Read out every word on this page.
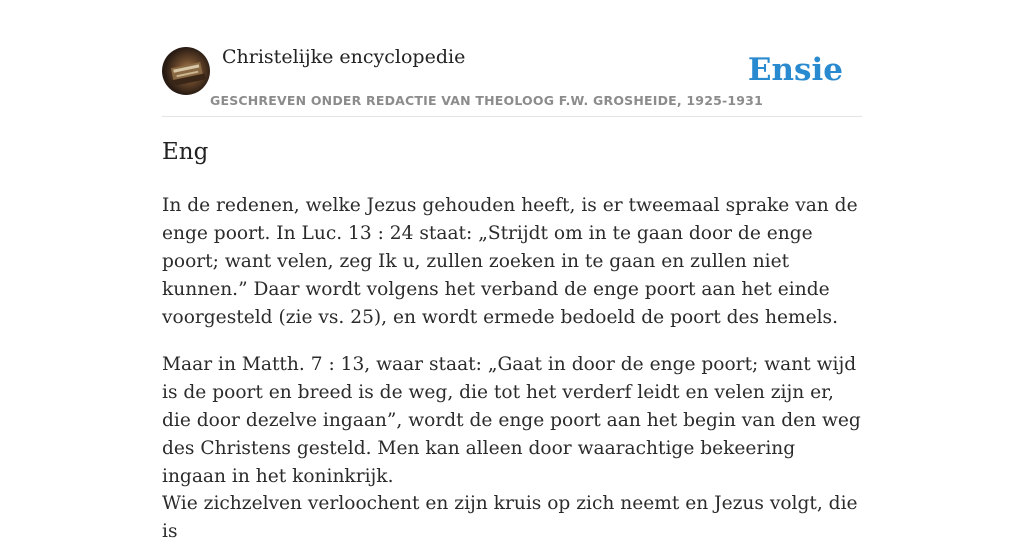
Christelijke encyclopedie
GESCHREVEN ONDER REDACTIE VAN THEOLOOG F.W. GROSHEIDE, 1925-1931
Ensie
Eng

In de redenen, welke Jezus gehouden heeft, is er tweemaal sprake van de enge poort. In Luc. 13 : 24 staat: „Strijdt om in te gaan door de enge poort; want velen, zeg Ik u, zullen zoeken in te gaan en zullen niet kunnen.” Daar wordt volgens het verband de enge poort aan het einde voorgesteld (zie vs. 25), en wordt ermede bedoeld de poort des hemels.

Maar in Matth. 7 : 13, waar staat: „Gaat in door de enge poort; want wijd is de poort en breed is de weg, die tot het verderf leidt en velen zijn er, die door dezelve ingaan”, wordt de enge poort aan het begin van den weg des Christens gesteld. Men kan alleen door waarachtige bekeering ingaan in het koninkrijk.

Wie zichzelven verloochent en zijn kruis op zich neemt en Jezus volgt, die is
